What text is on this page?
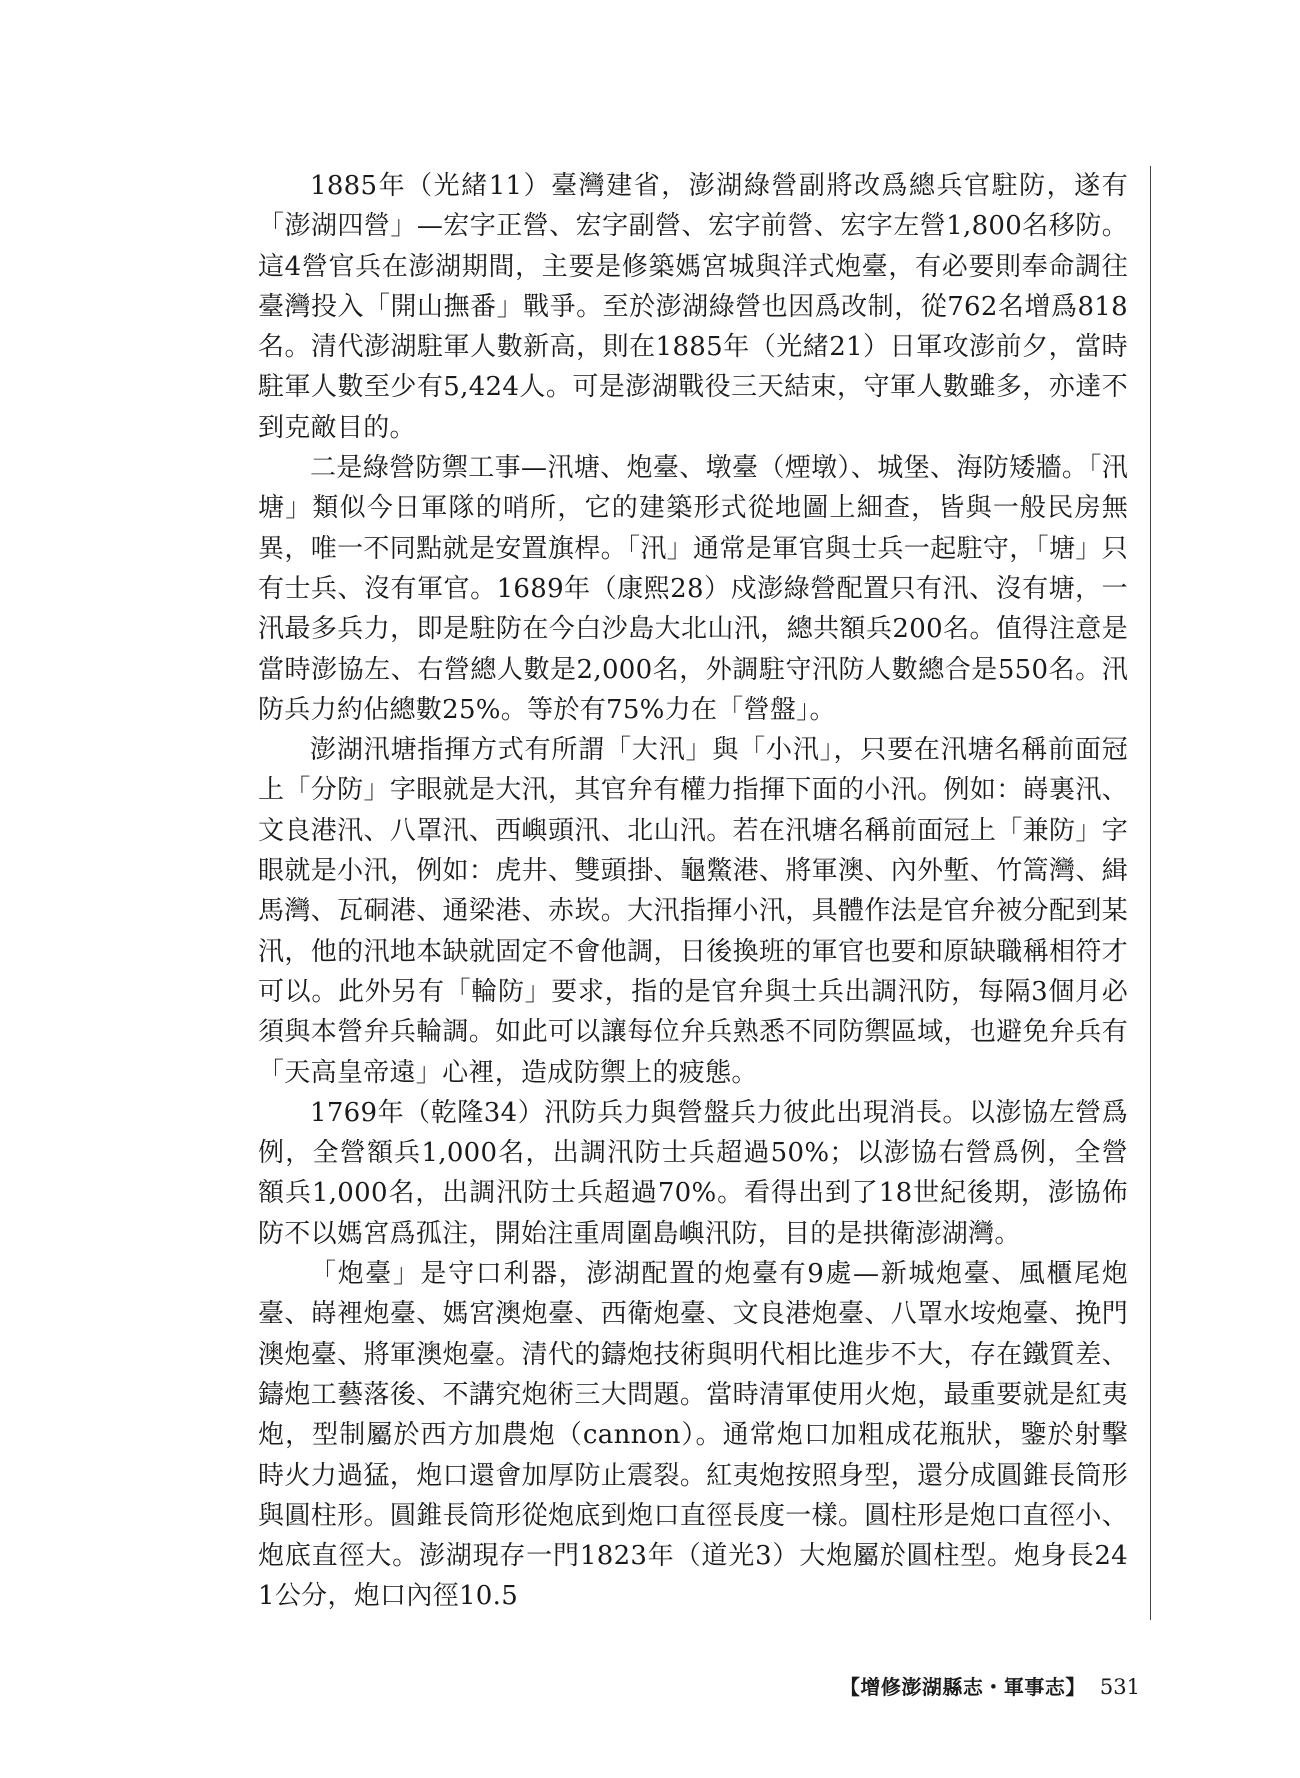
1885年（光緒11）臺灣建省，澎湖綠營副將改爲總兵官駐防，遂有「澎湖四營」—宏字正營、宏字副營、宏字前營、宏字左營1,800名移防。這4營官兵在澎湖期間，主要是修築媽宮城與洋式炮臺，有必要則奉命調往臺灣投入「開山撫番」戰爭。至於澎湖綠營也因爲改制，從762名增爲818名。清代澎湖駐軍人數新高，則在1885年（光緒21）日軍攻澎前夕，當時駐軍人數至少有5,424人。可是澎湖戰役三天結束，守軍人數雖多，亦達不到克敵目的。

二是綠營防禦工事—汛塘、炮臺、墩臺（煙墩）、城堡、海防矮牆。「汛塘」類似今日軍隊的哨所，它的建築形式從地圖上細查，皆與一般民房無異，唯一不同點就是安置旗桿。「汛」通常是軍官與士兵一起駐守，「塘」只有士兵、沒有軍官。1689年（康熙28）戍澎綠營配置只有汛、沒有塘，一汛最多兵力，即是駐防在今白沙島大北山汛，總共額兵200名。值得注意是當時澎協左、右營總人數是2,000名，外調駐守汛防人數總合是550名。汛防兵力約佔總數25%。等於有75%力在「營盤」。

澎湖汛塘指揮方式有所謂「大汛」與「小汛」，只要在汛塘名稱前面冠上「分防」字眼就是大汛，其官弁有權力指揮下面的小汛。例如：嵵裏汛、文良港汛、八罩汛、西嶼頭汛、北山汛。若在汛塘名稱前面冠上「兼防」字眼就是小汛，例如：虎井、雙頭掛、龜鱉港、將軍澳、內外塹、竹篙灣、緝馬灣、瓦硐港、通梁港、赤崁。大汛指揮小汛，具體作法是官弁被分配到某汛，他的汛地本缺就固定不會他調，日後換班的軍官也要和原缺職稱相符才可以。此外另有「輪防」要求，指的是官弁與士兵出調汛防，每隔3個月必須與本營弁兵輪調。如此可以讓每位弁兵熟悉不同防禦區域，也避免弁兵有「天高皇帝遠」心裡，造成防禦上的疲態。

1769年（乾隆34）汛防兵力與營盤兵力彼此出現消長。以澎協左營爲例，全營額兵1,000名，出調汛防士兵超過50%；以澎協右營爲例，全營額兵1,000名，出調汛防士兵超過70%。看得出到了18世紀後期，澎協佈防不以媽宮爲孤注，開始注重周圍島嶼汛防，目的是拱衛澎湖灣。

「炮臺」是守口利器，澎湖配置的炮臺有9處—新城炮臺、風櫃尾炮臺、嵵裡炮臺、媽宮澳炮臺、西衛炮臺、文良港炮臺、八罩水垵炮臺、挽門澳炮臺、將軍澳炮臺。清代的鑄炮技術與明代相比進步不大，存在鐵質差、鑄炮工藝落後、不講究炮術三大問題。當時清軍使用火炮，最重要就是紅夷炮，型制屬於西方加農炮（cannon）。通常炮口加粗成花瓶狀，鑒於射擊時火力過猛，炮口還會加厚防止震裂。紅夷炮按照身型，還分成圓錐長筒形與圓柱形。圓錐長筒形從炮底到炮口直徑長度一樣。圓柱形是炮口直徑小、炮底直徑大。澎湖現存一門1823年（道光3）大炮屬於圓柱型。炮身長241公分，炮口內徑10.5

【增修澎湖縣志・軍事志】 531
